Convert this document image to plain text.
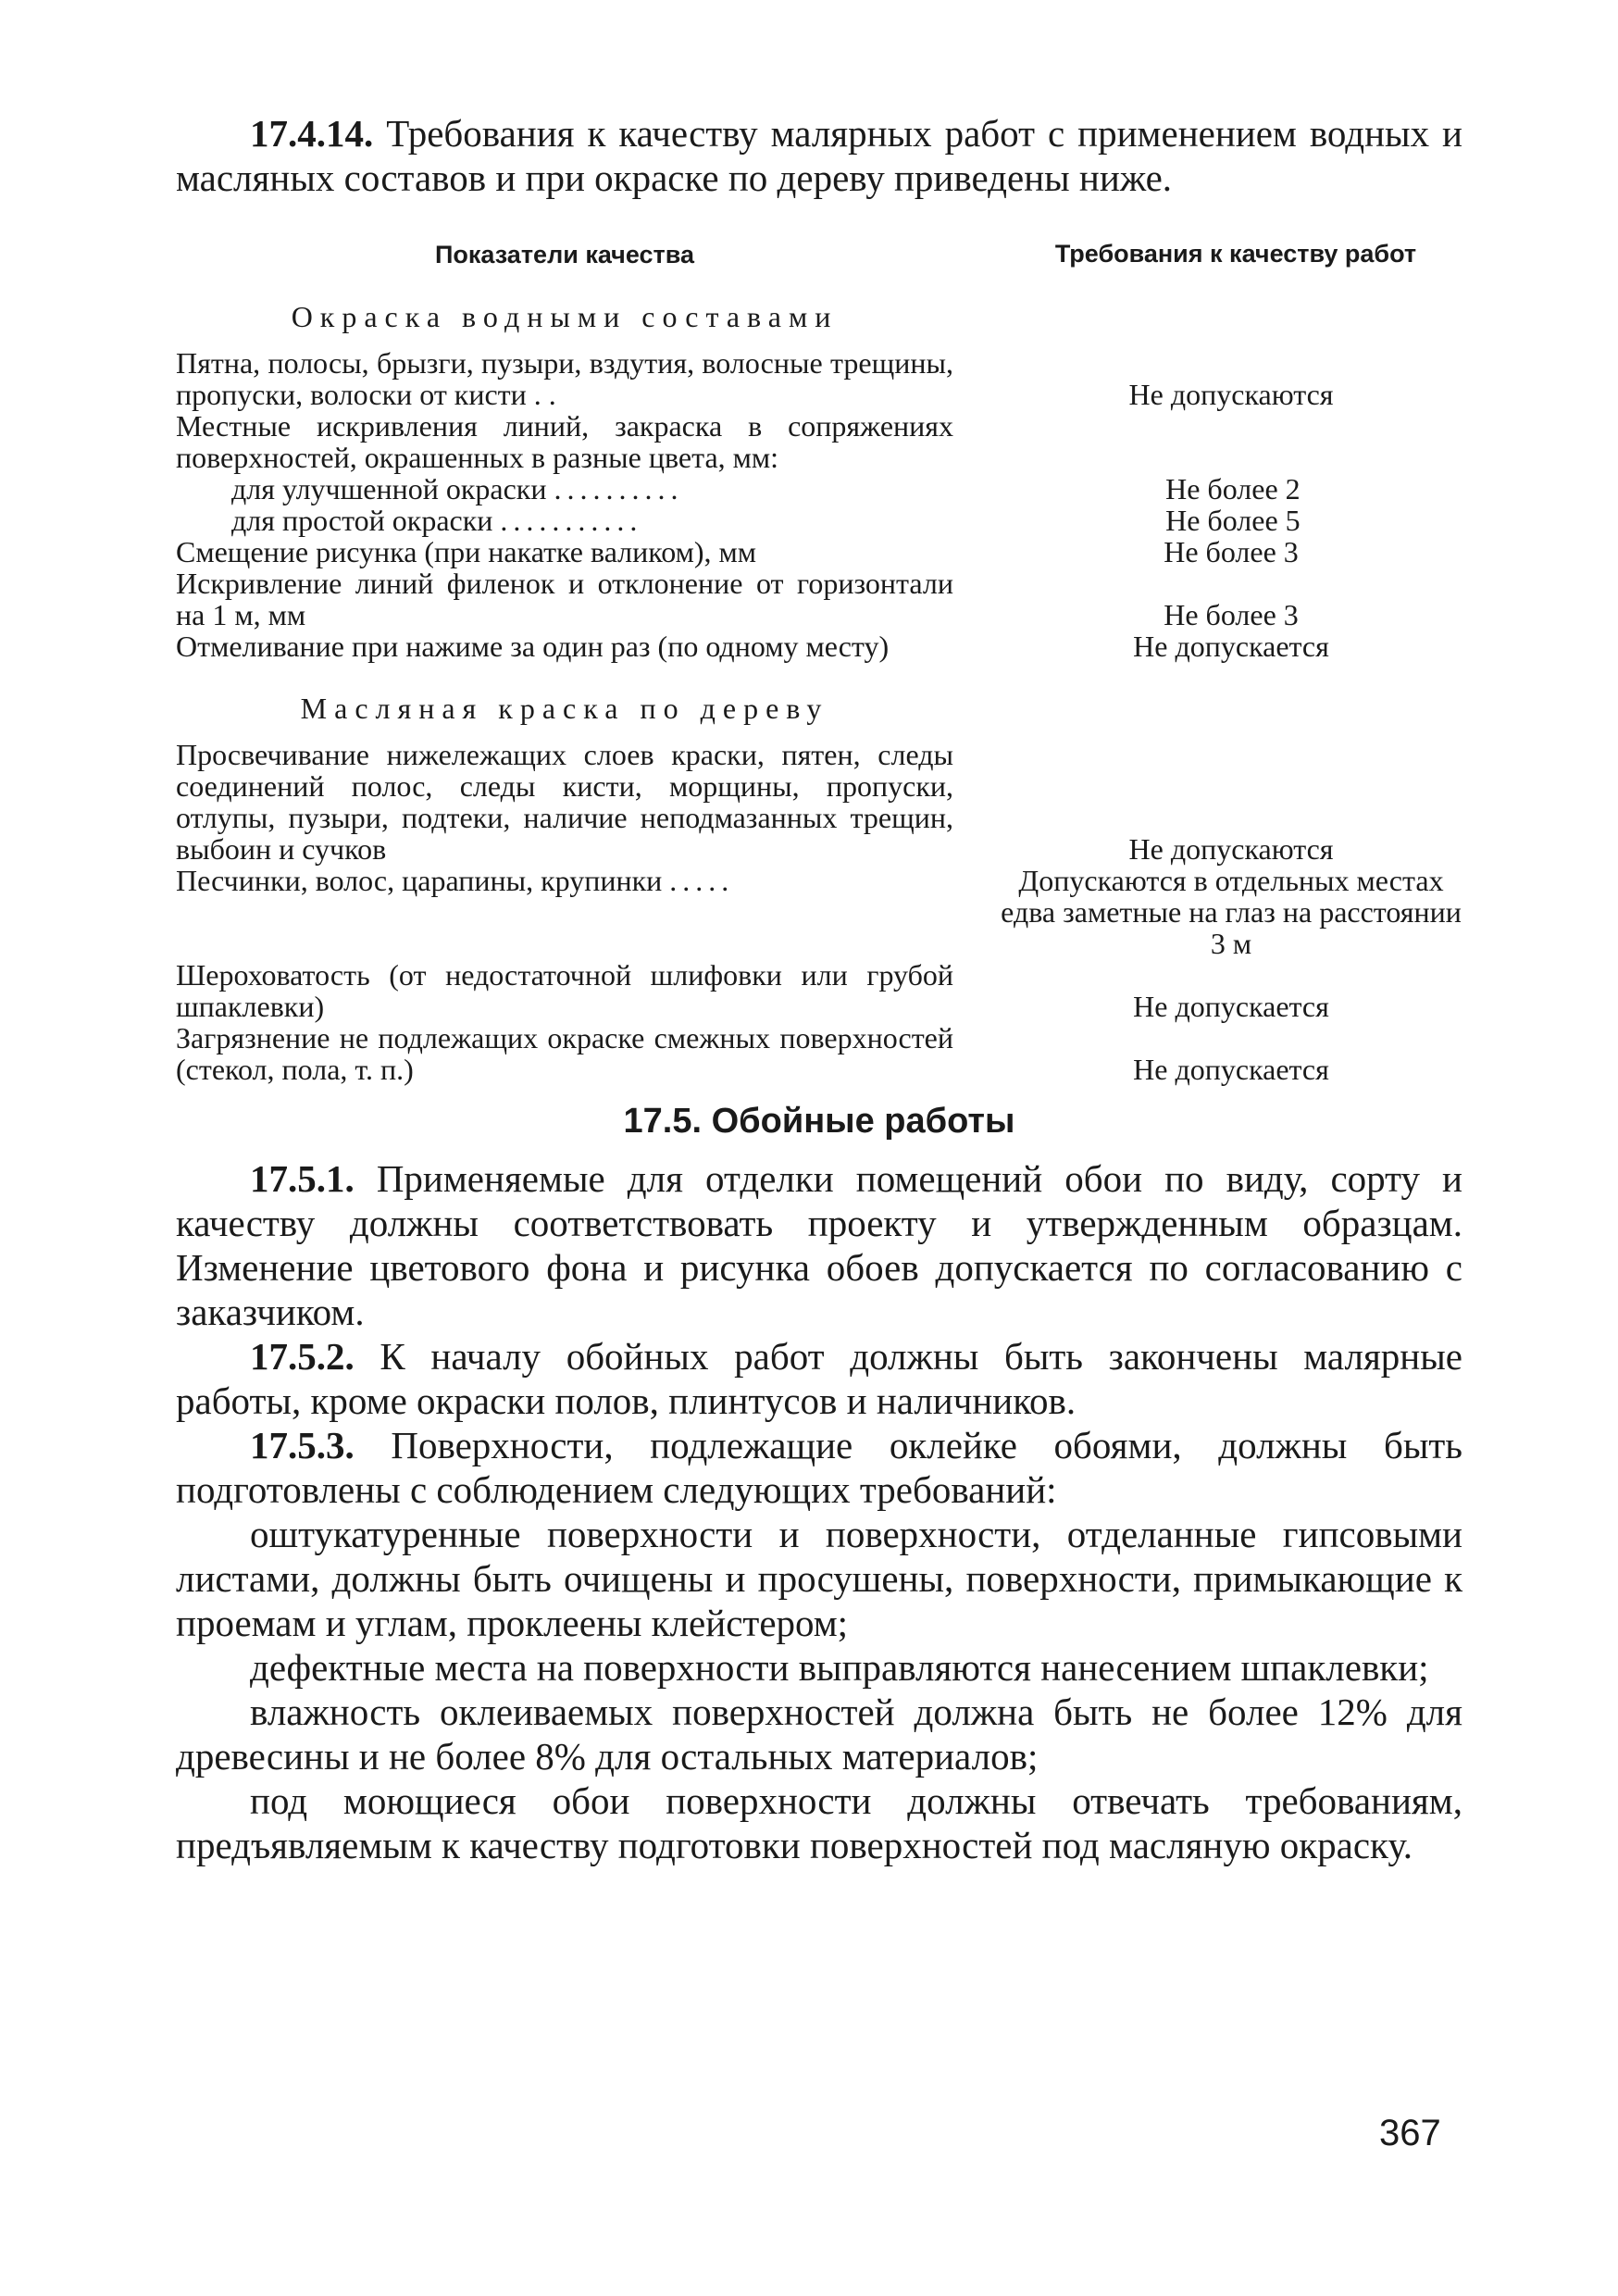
17.4.14. Требования к качеству малярных работ с применением водных и масляных составов и при окраске по дереву приведены ниже.

Показатели качества	Требования к качеству работ
Окраска водными составами
Пятна, полосы, брызги, пузыри, вздутия, волосные трещины, пропуски, волоски от кисти . .	Не допускаются
Местные искривления линий, закраска в сопряжениях поверхностей, окрашенных в разные цвета, мм:
для улучшенной окраски ..........	Не более 2
для простой окраски ...........	Не более 5
Смещение рисунка (при накатке валиком), мм	Не более 3
Искривление линий филенок и отклонение от горизонтали на 1 м, мм	Не более 3
Отмеливание при нажиме за один раз (по одному месту)	Не допускается
Масляная краска по дереву
Просвечивание нижележащих слоев краски, пятен, следы соединений полос, следы кисти, морщины, пропуски, отлупы, пузыри, подтеки, наличие неподмазанных трещин, выбоин и сучков	Не допускаются
Песчинки, волос, царапины, крупинки .....	Допускаются в отдельных местах едва заметные на глаз на расстоянии 3 м
Шероховатость (от недостаточной шлифовки или грубой шпаклевки)	Не допускается
Загрязнение не подлежащих окраске смежных поверхностей (стекол, пола, т. п.)	Не допускается
17.5. Обойные работы

17.5.1. Применяемые для отделки помещений обои по виду, сорту и качеству должны соответствовать проекту и утвержденным образцам. Изменение цветового фона и рисунка обоев допускается по согласованию с заказчиком.

17.5.2. К началу обойных работ должны быть закончены малярные работы, кроме окраски полов, плинтусов и наличников.

17.5.3. Поверхности, подлежащие оклейке обоями, должны быть подготовлены с соблюдением следующих требований:

оштукатуренные поверхности и поверхности, отделанные гипсовыми листами, должны быть очищены и просушены, поверхности, примыкающие к проемам и углам, проклеены клейстером;

дефектные места на поверхности выправляются нанесением шпаклевки;

влажность оклеиваемых поверхностей должна быть не более 12% для древесины и не более 8% для остальных материалов;

под моющиеся обои поверхности должны отвечать требованиям, предъявляемым к качеству подготовки поверхностей под масляную окраску.

367
